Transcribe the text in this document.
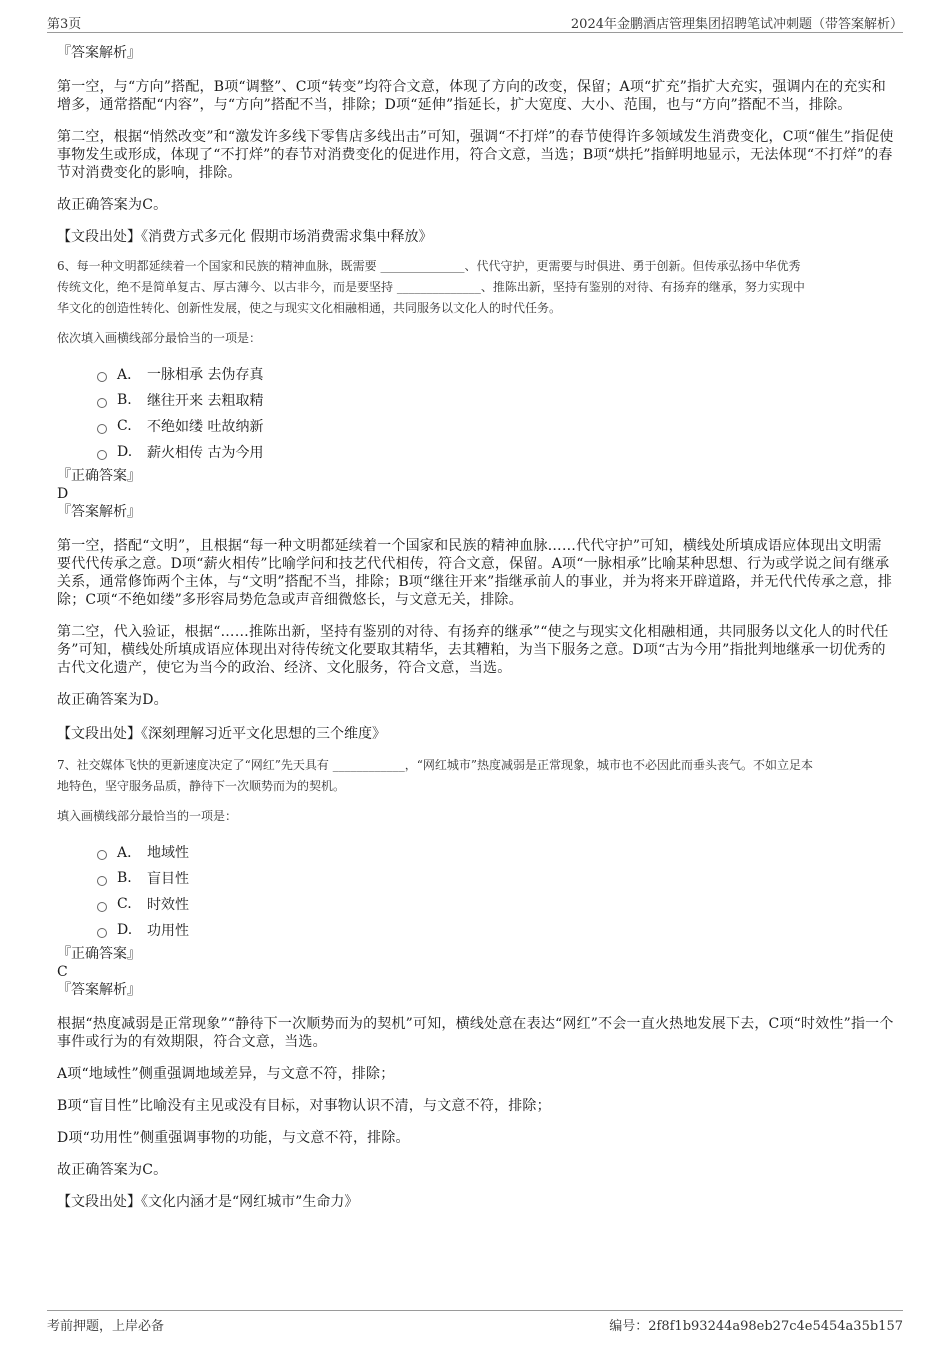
第3页	2024年金鹏酒店管理集团招聘笔试冲刺题（带答案解析）

『答案解析』

第一空，与“方向”搭配，B项“调整”、C项“转变”均符合文意，体现了方向的改变，保留；A项“扩充”指扩大充实，强调内在的充实和增多，通常搭配“内容”，与“方向”搭配不当，排除；D项“延伸”指延长，扩大宽度、大小、范围，也与“方向”搭配不当，排除。

第二空，根据“悄然改变”和“激发许多线下零售店多线出击”可知，强调“不打烊”的春节使得许多领域发生消费变化，C项“催生”指促使事物发生或形成，体现了“不打烊”的春节对消费变化的促进作用，符合文意，当选；B项“烘托”指鲜明地显示，无法体现“不打烊”的春节对消费变化的影响，排除。

故正确答案为C。

【文段出处】《消费方式多元化 假期市场消费需求集中释放》

6、每一种文明都延续着一个国家和民族的精神血脉，既需要 ______________、代代守护，更需要与时俱进、勇于创新。但传承弘扬中华优秀

传统文化，绝不是简单复古、厚古薄今、以古非今，而是要坚持 ______________、推陈出新，坚持有鉴别的对待、有扬弃的继承，努力实现中

华文化的创造性转化、创新性发展，使之与现实文化相融相通，共同服务以文化人的时代任务。

依次填入画横线部分最恰当的一项是：

A． 一脉相承 去伪存真
B.	继往开来 去粗取精
C.	不绝如缕 吐故纳新
D.	薪火相传 古为今用

『正确答案』

D

『答案解析』

第一空，搭配“文明”，且根据“每一种文明都延续着一个国家和民族的精神血脉……代代守护”可知，横线处所填成语应体现出文明需要代代传承之意。D项“薪火相传”比喻学问和技艺代代相传，符合文意，保留。A项“一脉相承”比喻某种思想、行为或学说之间有继承关系，通常修饰两个主体，与“文明”搭配不当，排除；B项“继往开来”指继承前人的事业，并为将来开辟道路，并无代代传承之意，排除；C项“不绝如缕”多形容局势危急或声音细微悠长，与文意无关，排除。

第二空，代入验证，根据“……推陈出新，坚持有鉴别的对待、有扬弃的继承”“使之与现实文化相融相通，共同服务以文化人的时代任务”可知，横线处所填成语应体现出对待传统文化要取其精华，去其糟粕，为当下服务之意。D项“古为今用”指批判地继承一切优秀的古代文化遗产，使它为当今的政治、经济、文化服务，符合文意，当选。

故正确答案为D。

【文段出处】《深刻理解习近平文化思想的三个维度》

7、社交媒体飞快的更新速度决定了“网红”先天具有 ____________，“网红城市”热度减弱是正常现象，城市也不必因此而垂头丧气。不如立足本

地特色，坚守服务品质，静待下一次顺势而为的契机。

填入画横线部分最恰当的一项是：

A． 地域性
B.	盲目性
C.	时效性
D.	功用性

『正确答案』

C

『答案解析』

根据“热度减弱是正常现象”“静待下一次顺势而为的契机”可知，横线处意在表达“网红”不会一直火热地发展下去，C项“时效性”指一个事件或行为的有效期限，符合文意，当选。

A项“地域性”侧重强调地域差异，与文意不符，排除；

B项“盲目性”比喻没有主见或没有目标，对事物认识不清，与文意不符，排除；

D项“功用性”侧重强调事物的功能，与文意不符，排除。

故正确答案为C。

【文段出处】《文化内涵才是“网红城市”生命力》

考前押题，上岸必备	编号：2f8f1b93244a98eb27c4e5454a35b157
